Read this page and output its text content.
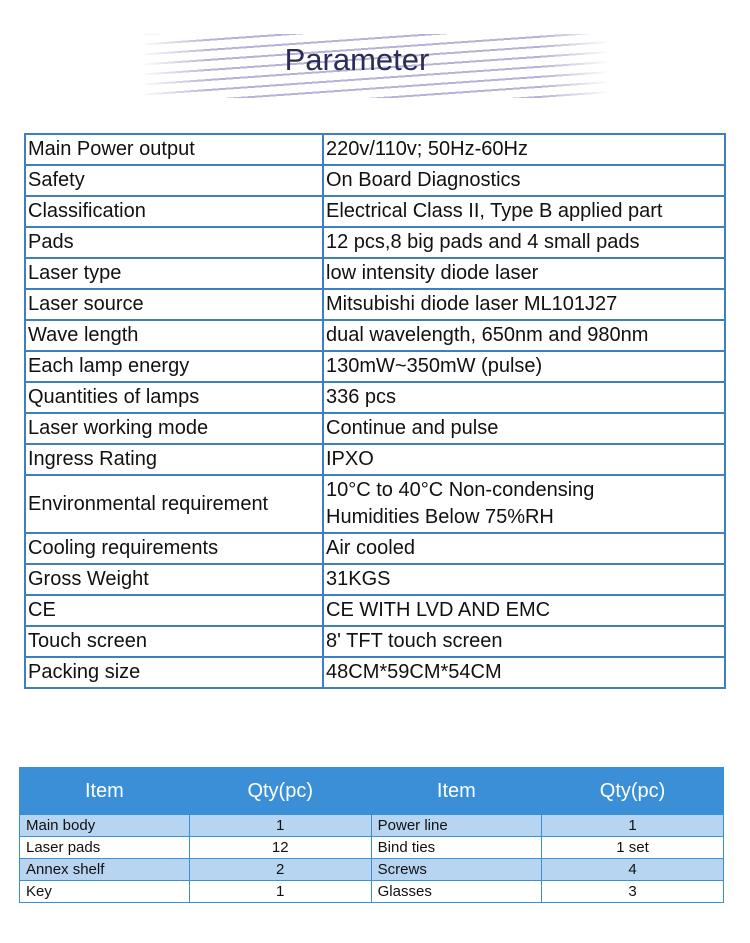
Parameter
Main Power output	220v/110v; 50Hz-60Hz
Safety	On Board Diagnostics
Classification	Electrical Class II, Type B applied part
Pads	12 pcs,8 big pads and 4 small pads
Laser type	low intensity diode laser
Laser source	Mitsubishi diode laser ML101J27
Wave length	dual wavelength, 650nm and 980nm
Each lamp energy	130mW~350mW (pulse)
Quantities of lamps	336 pcs
Laser working mode	Continue and pulse
Ingress Rating	IPXO
Environmental requirement	10°C to 40°C Non-condensing
Humidities Below 75%RH
Cooling requirements	Air cooled
Gross Weight	31KGS
CE	CE WITH LVD AND EMC
Touch screen	8' TFT touch screen
Packing size	48CM*59CM*54CM
Item	Qty(pc)	Item	Qty(pc)
Main body	1	Power line	1
Laser pads	12	Bind ties	1 set
Annex shelf	2	Screws	4
Key	1	Glasses	3
